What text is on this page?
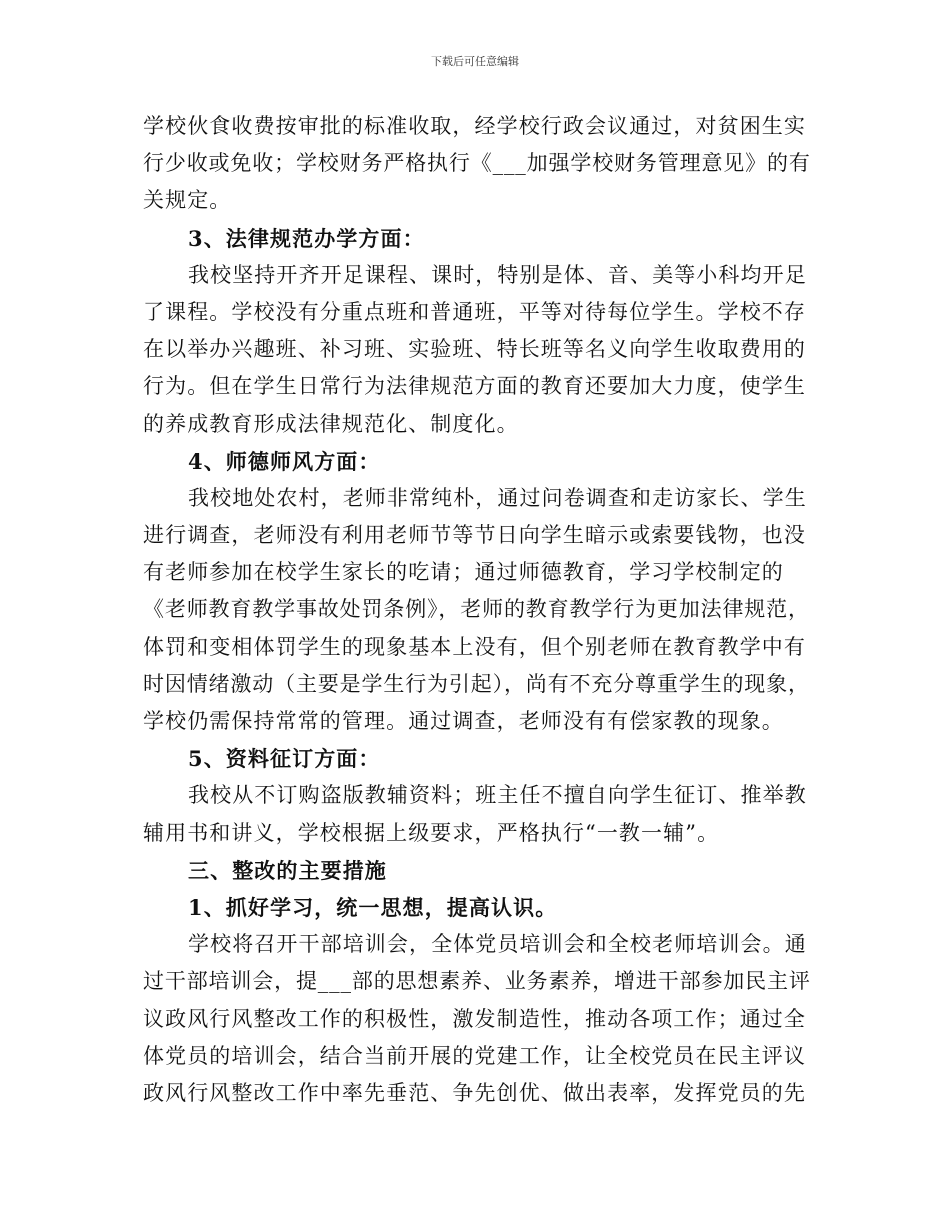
下载后可任意编辑
学校伙食收费按审批的标准收取，经学校行政会议通过，对贫困生实
行少收或免收；学校财务严格执行《___加强学校财务管理意见》的有
关规定。
3、法律规范办学方面：
我校坚持开齐开足课程、课时，特别是体、音、美等小科均开足
了课程。学校没有分重点班和普通班，平等对待每位学生。学校不存
在以举办兴趣班、补习班、实验班、特长班等名义向学生收取费用的
行为。但在学生日常行为法律规范方面的教育还要加大力度，使学生
的养成教育形成法律规范化、制度化。
4、师德师风方面：
我校地处农村，老师非常纯朴，通过问卷调查和走访家长、学生
进行调查，老师没有利用老师节等节日向学生暗示或索要钱物，也没
有老师参加在校学生家长的吃请；通过师德教育，学习学校制定的
《老师教育教学事故处罚条例》，老师的教育教学行为更加法律规范，
体罚和变相体罚学生的现象基本上没有，但个别老师在教育教学中有
时因情绪激动（主要是学生行为引起），尚有不充分尊重学生的现象，
学校仍需保持常常的管理。通过调查，老师没有有偿家教的现象。
5、资料征订方面：
我校从不订购盗版教辅资料；班主任不擅自向学生征订、推举教
辅用书和讲义，学校根据上级要求，严格执行“一教一辅”。
三、整改的主要措施
1、抓好学习，统一思想，提高认识。
学校将召开干部培训会，全体党员培训会和全校老师培训会。通
过干部培训会，提___部的思想素养、业务素养，增进干部参加民主评
议政风行风整改工作的积极性，激发制造性，推动各项工作；通过全
体党员的培训会，结合当前开展的党建工作，让全校党员在民主评议
政风行风整改工作中率先垂范、争先创优、做出表率，发挥党员的先
